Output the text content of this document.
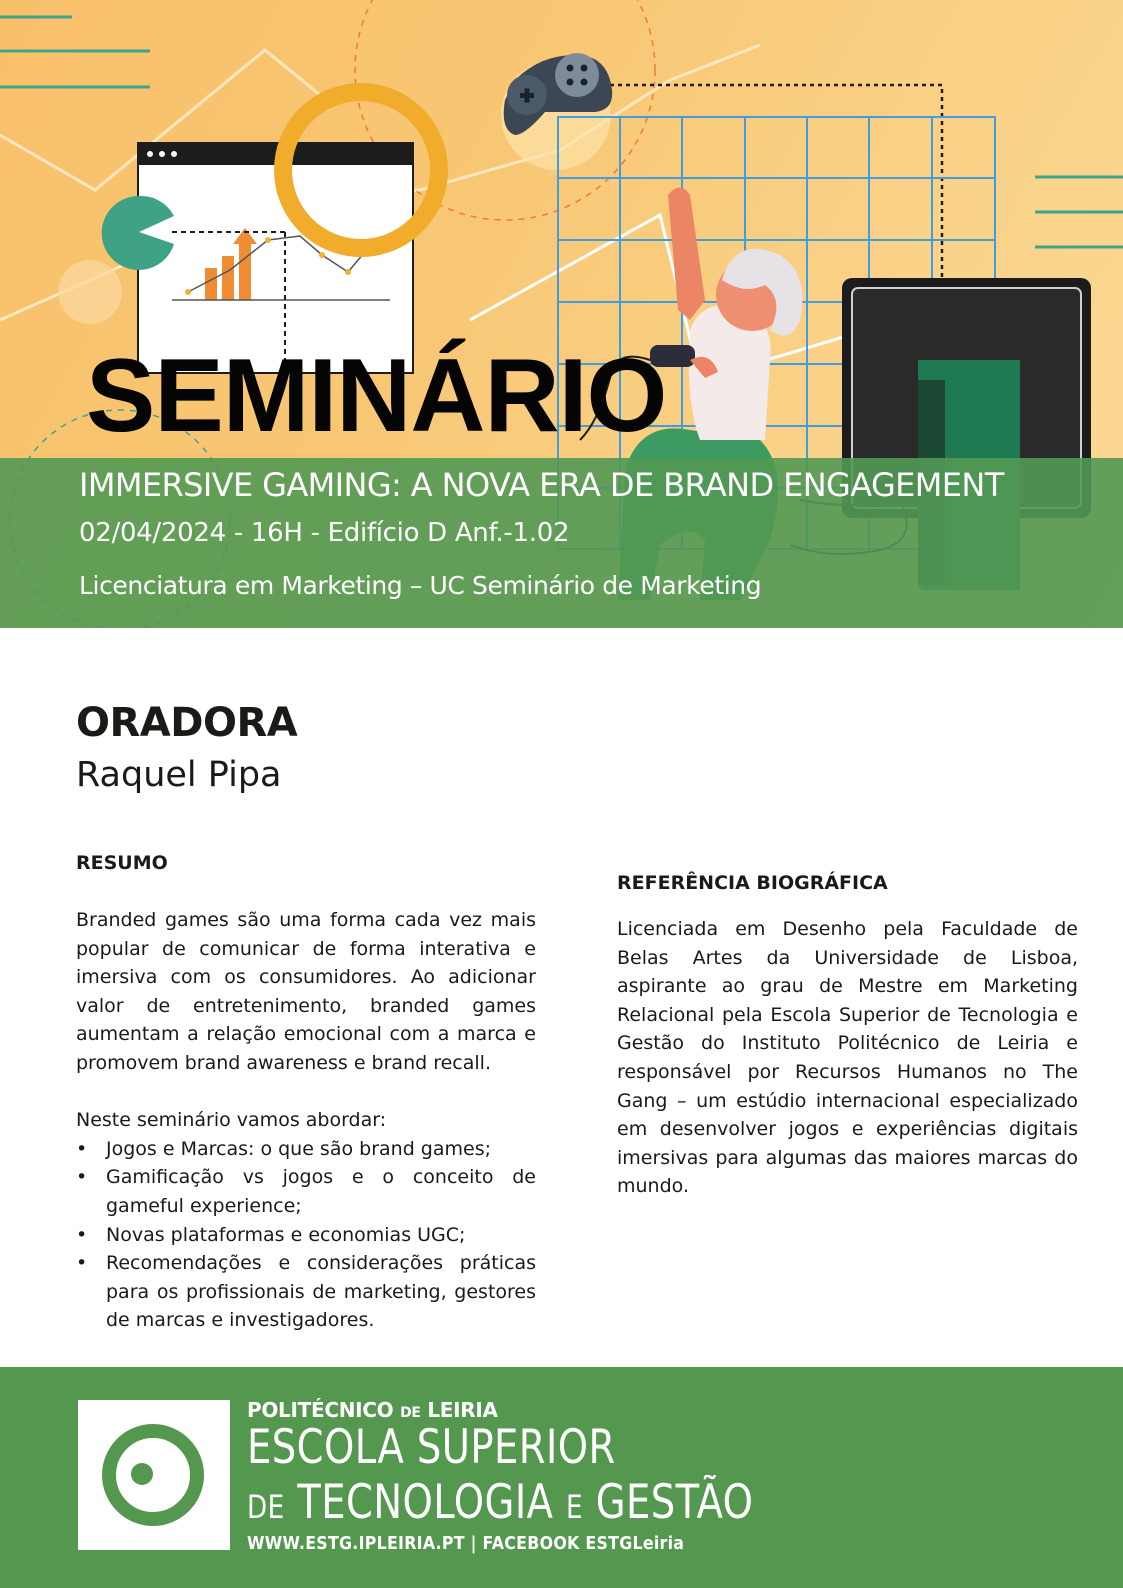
SEMINÁRIO

IMMERSIVE GAMING: A NOVA ERA DE BRAND ENGAGEMENT

02/04/2024 - 16H - Edifício D Anf.-1.02

Licenciatura em Marketing – UC Seminário de Marketing

ORADORA

Raquel Pipa

RESUMO

Branded games são uma forma cada vez mais popular de comunicar de forma interativa e imersiva com os consumidores. Ao adicionar valor de entretenimento, branded games aumentam a relação emocional com a marca e promovem brand awareness e brand recall.

Neste seminário vamos abordar:

• Jogos e Marcas: o que são brand games;
• Gamificação vs jogos e o conceito de gameful experience;
• Novas plataformas e economias UGC;
• Recomendações e considerações práticas para os profissionais de marketing, gestores de marcas e investigadores.
REFERÊNCIA BIOGRÁFICA

Licenciada em Desenho pela Faculdade de Belas Artes da Universidade de Lisboa, aspirante ao grau de Mestre em Marketing Relacional pela Escola Superior de Tecnologia e Gestão do Instituto Politécnico de Leiria e responsável por Recursos Humanos no The Gang – um estúdio internacional especializado em desenvolver jogos e experiências digitais imersivas para algumas das maiores marcas do mundo.

POLITÉCNICO DE LEIRIA

ESCOLA SUPERIOR

DE TECNOLOGIA E GESTÃO

WWW.ESTG.IPLEIRIA.PT | FACEBOOK ESTGLeiria
